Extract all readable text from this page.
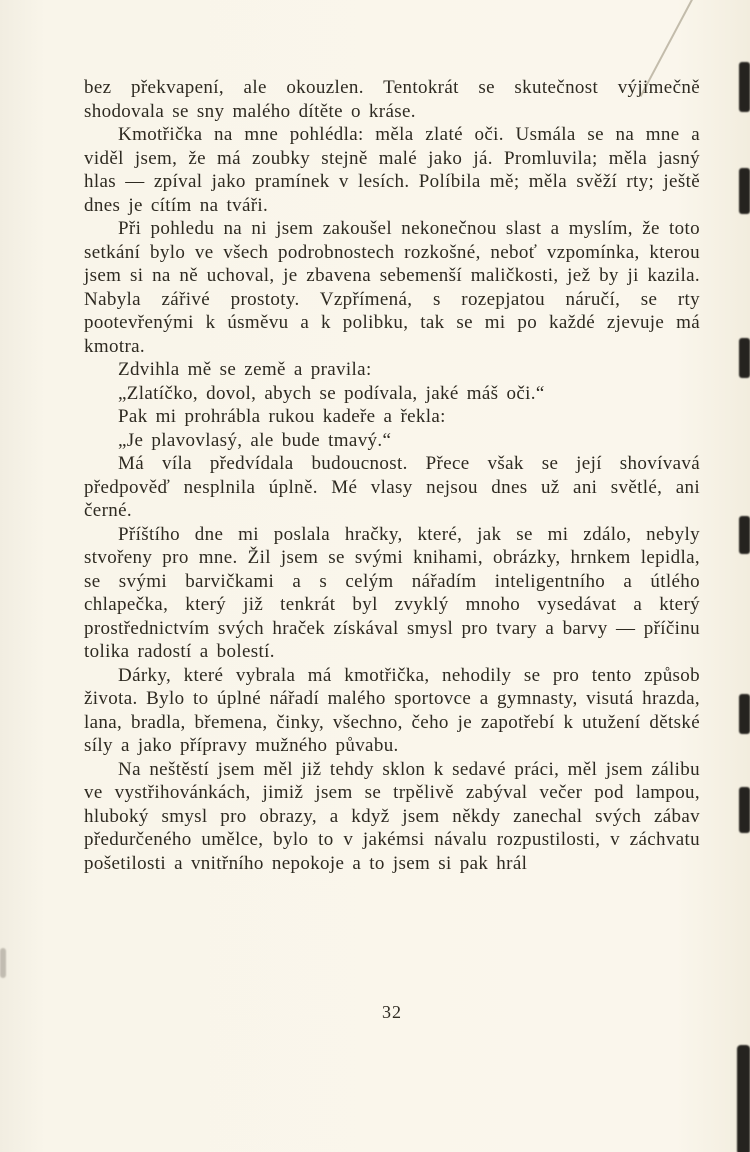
bez překvapení, ale okouzlen. Tentokrát se skutečnost výjimečně shodovala se sny malého dítěte o kráse.

Kmotřička na mne pohlédla: měla zlaté oči. Usmála se na mne a viděl jsem, že má zoubky stejně malé jako já. Promluvila; měla jasný hlas — zpíval jako pramínek v lesích. Políbila mě; měla svěží rty; ještě dnes je cítím na tváři.

Při pohledu na ni jsem zakoušel nekonečnou slast a myslím, že toto setkání bylo ve všech podrobnostech rozkošné, neboť vzpomínka, kterou jsem si na ně uchoval, je zbavena sebemenší maličkosti, jež by ji kazila. Nabyla zářivé prostoty. Vzpřímená, s rozepjatou náručí, se rty pootevřenými k úsměvu a k polibku, tak se mi po každé zjevuje má kmotra.

Zdvihla mě se země a pravila:

„Zlatíčko, dovol, abych se podívala, jaké máš oči.“

Pak mi prohrábla rukou kadeře a řekla:

„Je plavovlasý, ale bude tmavý.“

Má víla předvídala budoucnost. Přece však se její shovívavá předpověď nesplnila úplně. Mé vlasy nejsou dnes už ani světlé, ani černé.

Příštího dne mi poslala hračky, které, jak se mi zdálo, nebyly stvořeny pro mne. Žil jsem se svými knihami, obrázky, hrnkem lepidla, se svými barvičkami a s celým nářadím inteligentního a útlého chlapečka, který již tenkrát byl zvyklý mnoho vysedávat a který prostřednictvím svých hraček získával smysl pro tvary a barvy — příčinu tolika radostí a bolestí.

Dárky, které vybrala má kmotřička, nehodily se pro tento způsob života. Bylo to úplné nářadí malého sportovce a gymnasty, visutá hrazda, lana, bradla, břemena, činky, všechno, čeho je zapotřebí k utužení dětské síly a jako přípravy mužného půvabu.

Na neštěstí jsem měl již tehdy sklon k sedavé práci, měl jsem zálibu ve vystřihovánkách, jimiž jsem se trpělivě zabýval večer pod lampou, hluboký smysl pro obrazy, a když jsem někdy zanechal svých zábav předurčeného umělce, bylo to v jakémsi návalu rozpustilosti, v záchvatu pošetilosti a vnitřního nepokoje a to jsem si pak hrál

32
